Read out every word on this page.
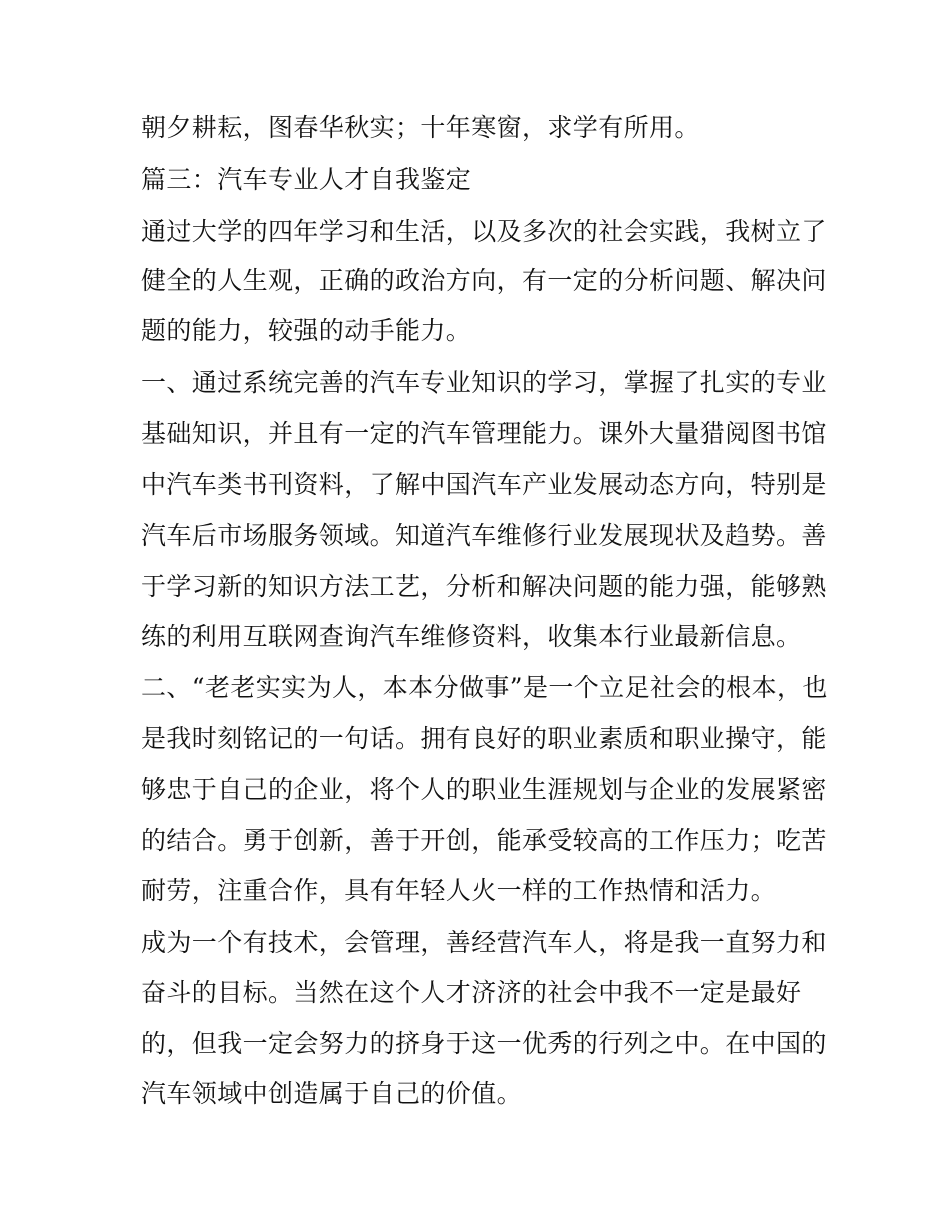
朝夕耕耘，图春华秋实；十年寒窗，求学有所用。
篇三：汽车专业人才自我鉴定
通过大学的四年学习和生活，以及多次的社会实践，我树立了
健全的人生观，正确的政治方向，有一定的分析问题、解决问
题的能力，较强的动手能力。
一、通过系统完善的汽车专业知识的学习，掌握了扎实的专业
基础知识，并且有一定的汽车管理能力。课外大量猎阅图书馆
中汽车类书刊资料，了解中国汽车产业发展动态方向，特别是
汽车后市场服务领域。知道汽车维修行业发展现状及趋势。善
于学习新的知识方法工艺，分析和解决问题的能力强，能够熟
练的利用互联网查询汽车维修资料，收集本行业最新信息。
二、“老老实实为人，本本分做事”是一个立足社会的根本，也
是我时刻铭记的一句话。拥有良好的职业素质和职业操守，能
够忠于自己的企业，将个人的职业生涯规划与企业的发展紧密
的结合。勇于创新，善于开创，能承受较高的工作压力；吃苦
耐劳，注重合作，具有年轻人火一样的工作热情和活力。
成为一个有技术，会管理，善经营汽车人，将是我一直努力和
奋斗的目标。当然在这个人才济济的社会中我不一定是最好
的，但我一定会努力的挤身于这一优秀的行列之中。在中国的
汽车领域中创造属于自己的价值。
